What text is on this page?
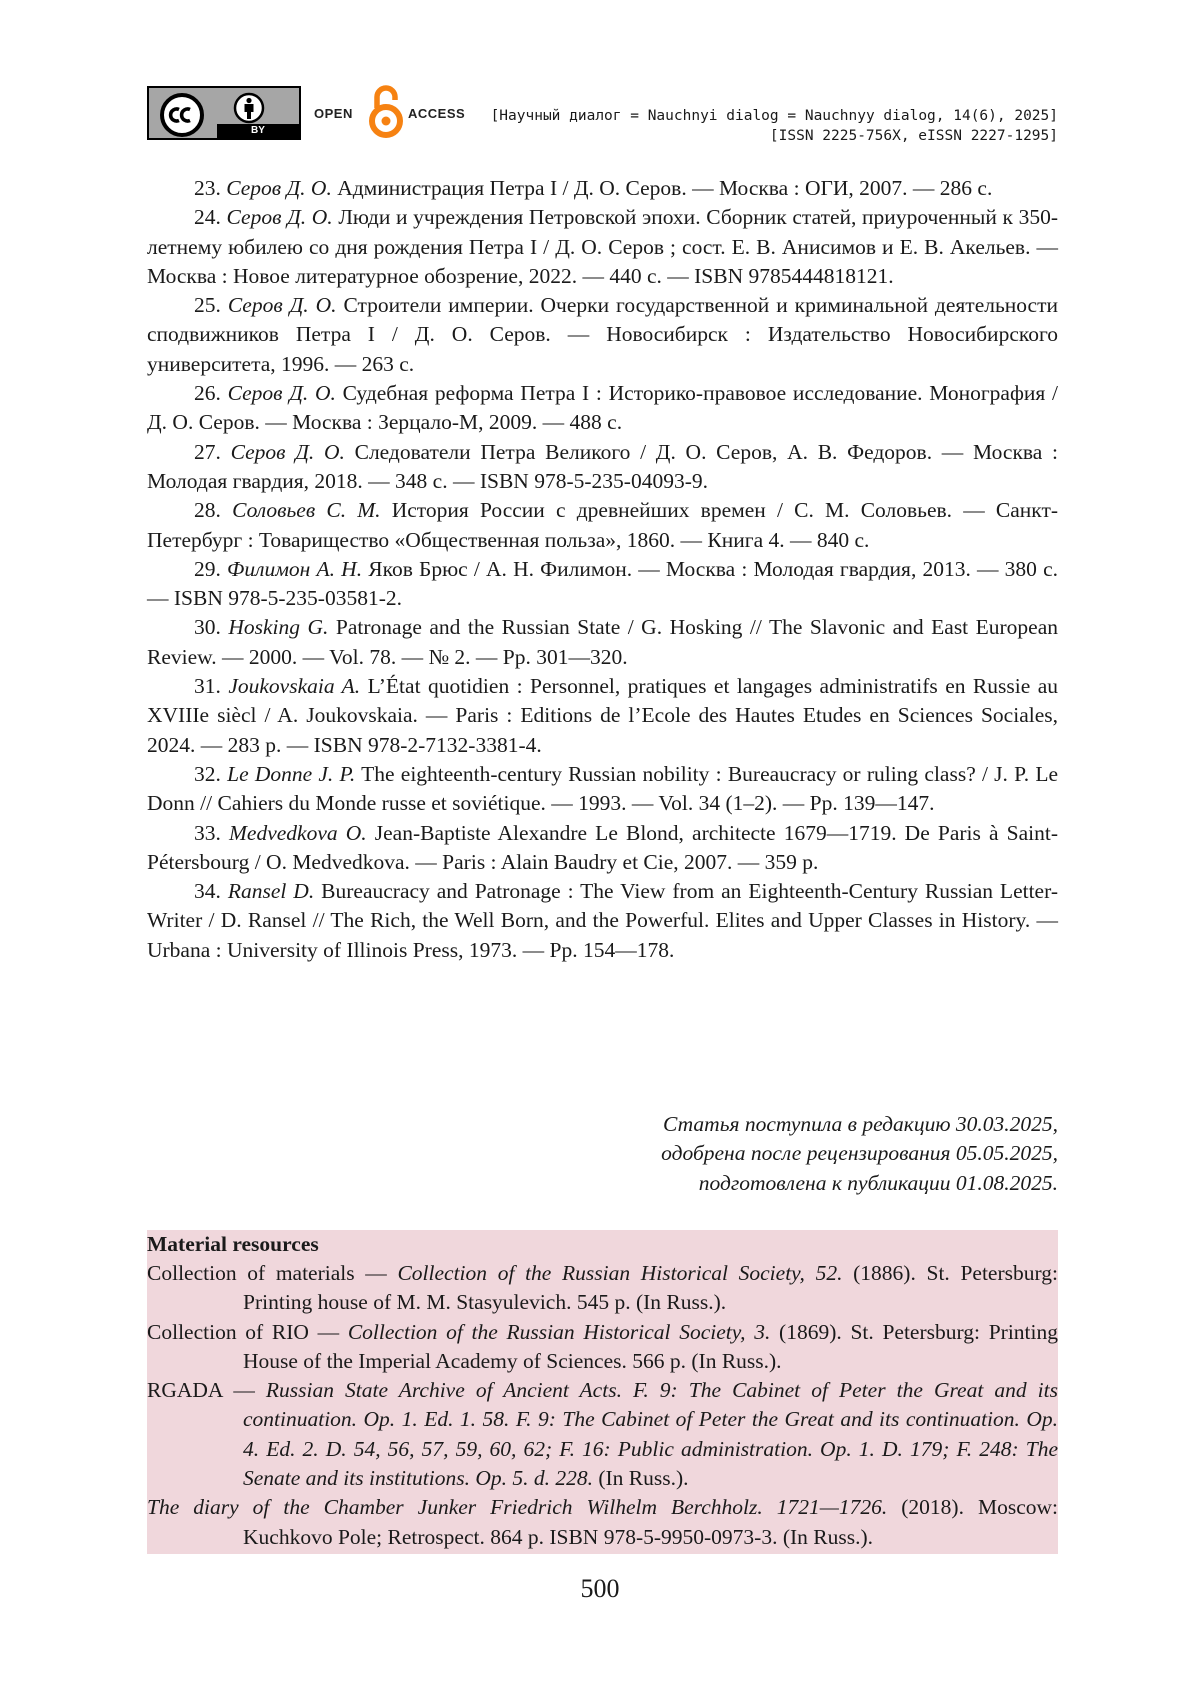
BY
OPEN	ACCESS [Научный диалог = Nauchnyi dialog = Nauchnyy dialog, 14(6), 2025]
[ISSN 2225-756X, eISSN 2227-1295]

23. Серов Д. О. Администрация Петра I / Д. О. Серов. — Москва : ОГИ, 2007. — 286 с.

24. Серов Д. О. Люди и учреждения Петровской эпохи. Сборник статей, приуроченный к 350-летнему юбилею со дня рождения Петра I / Д. О. Серов ; сост. Е. В. Анисимов и Е. В. Акельев. — Москва : Новое литературное обозрение, 2022. — 440 с. — ISBN 9785444818121.

25. Серов Д. О. Строители империи. Очерки государственной и криминальной деятельности сподвижников Петра I / Д. О. Серов. — Новосибирск : Издательство Новосибирского университета, 1996. — 263 с.

26. Серов Д. О. Судебная реформа Петра I : Историко-правовое исследование. Монография / Д. О. Серов. — Москва : Зерцало-М, 2009. — 488 с.

27. Серов Д. О. Следователи Петра Великого / Д. О. Серов, А. В. Федоров. — Москва : Молодая гвардия, 2018. — 348 с. — ISBN 978-5-235-04093-9.

28. Соловьев С. М. История России с древнейших времен / С. М. Соловьев. — Санкт-Петербург : Товарищество «Общественная польза», 1860. — Книга 4. — 840 с.

29. Филимон А. Н. Яков Брюс / А. Н. Филимон. — Москва : Молодая гвардия, 2013. — 380 с. — ISBN 978-5-235-03581-2.

30. Hosking G. Patronage and the Russian State / G. Hosking // The Slavonic and East European Review. — 2000. — Vol. 78. — № 2. — Pp. 301—320.

31. Joukovskaia A. L’État quotidien : Personnel, pratiques et langages administratifs en Russie au XVIIIe siècl / A. Joukovskaia. — Paris : Editions de l’Ecole des Hautes Etudes en Sciences Sociales, 2024. — 283 p. — ISBN 978-2-7132-3381-4.

32. Le Donne J. P. The eighteenth-century Russian nobility : Bureaucracy or ruling class? / J. P. Le Donn // Cahiers du Monde russe et soviétique. — 1993. — Vol. 34 (1–2). — Pp. 139—147.

33. Medvedkova O. Jean-Baptiste Alexandre Le Blond, architecte 1679—1719. De Paris à Saint-Pétersbourg / O. Medvedkova. — Paris : Alain Baudry et Cie, 2007. — 359 p.

34. Ransel D. Bureaucracy and Patronage : The View from an Eighteenth-Century Russian Letter-Writer / D. Ransel // The Rich, the Well Born, and the Powerful. Elites and Upper Classes in History. — Urbana : University of Illinois Press, 1973. — Pp. 154—178.

Статья поступила в редакцию 30.03.2025,
одобрена после рецензирования 05.05.2025,
подготовлена к публикации 01.08.2025.

Material resources

Collection of materials — Collection of the Russian Historical Society, 52. (1886). St. Petersburg: Printing house of M. M. Stasyulevich. 545 p. (In Russ.).

Collection of RIO — Collection of the Russian Historical Society, 3. (1869). St. Petersburg: Printing House of the Imperial Academy of Sciences. 566 p. (In Russ.).

RGADA — Russian State Archive of Ancient Acts. F. 9: The Cabinet of Peter the Great and its continuation. Op. 1. Ed. 1. 58. F. 9: The Cabinet of Peter the Great and its continuation. Op. 4. Ed. 2. D. 54, 56, 57, 59, 60, 62; F. 16: Public administration. Op. 1. D. 179; F. 248: The Senate and its institutions. Op. 5. d. 228. (In Russ.).

The diary of the Chamber Junker Friedrich Wilhelm Berchholz. 1721—1726. (2018). Moscow: Kuchkovo Pole; Retrospect. 864 p. ISBN 978-5-9950-0973-3. (In Russ.).

500
